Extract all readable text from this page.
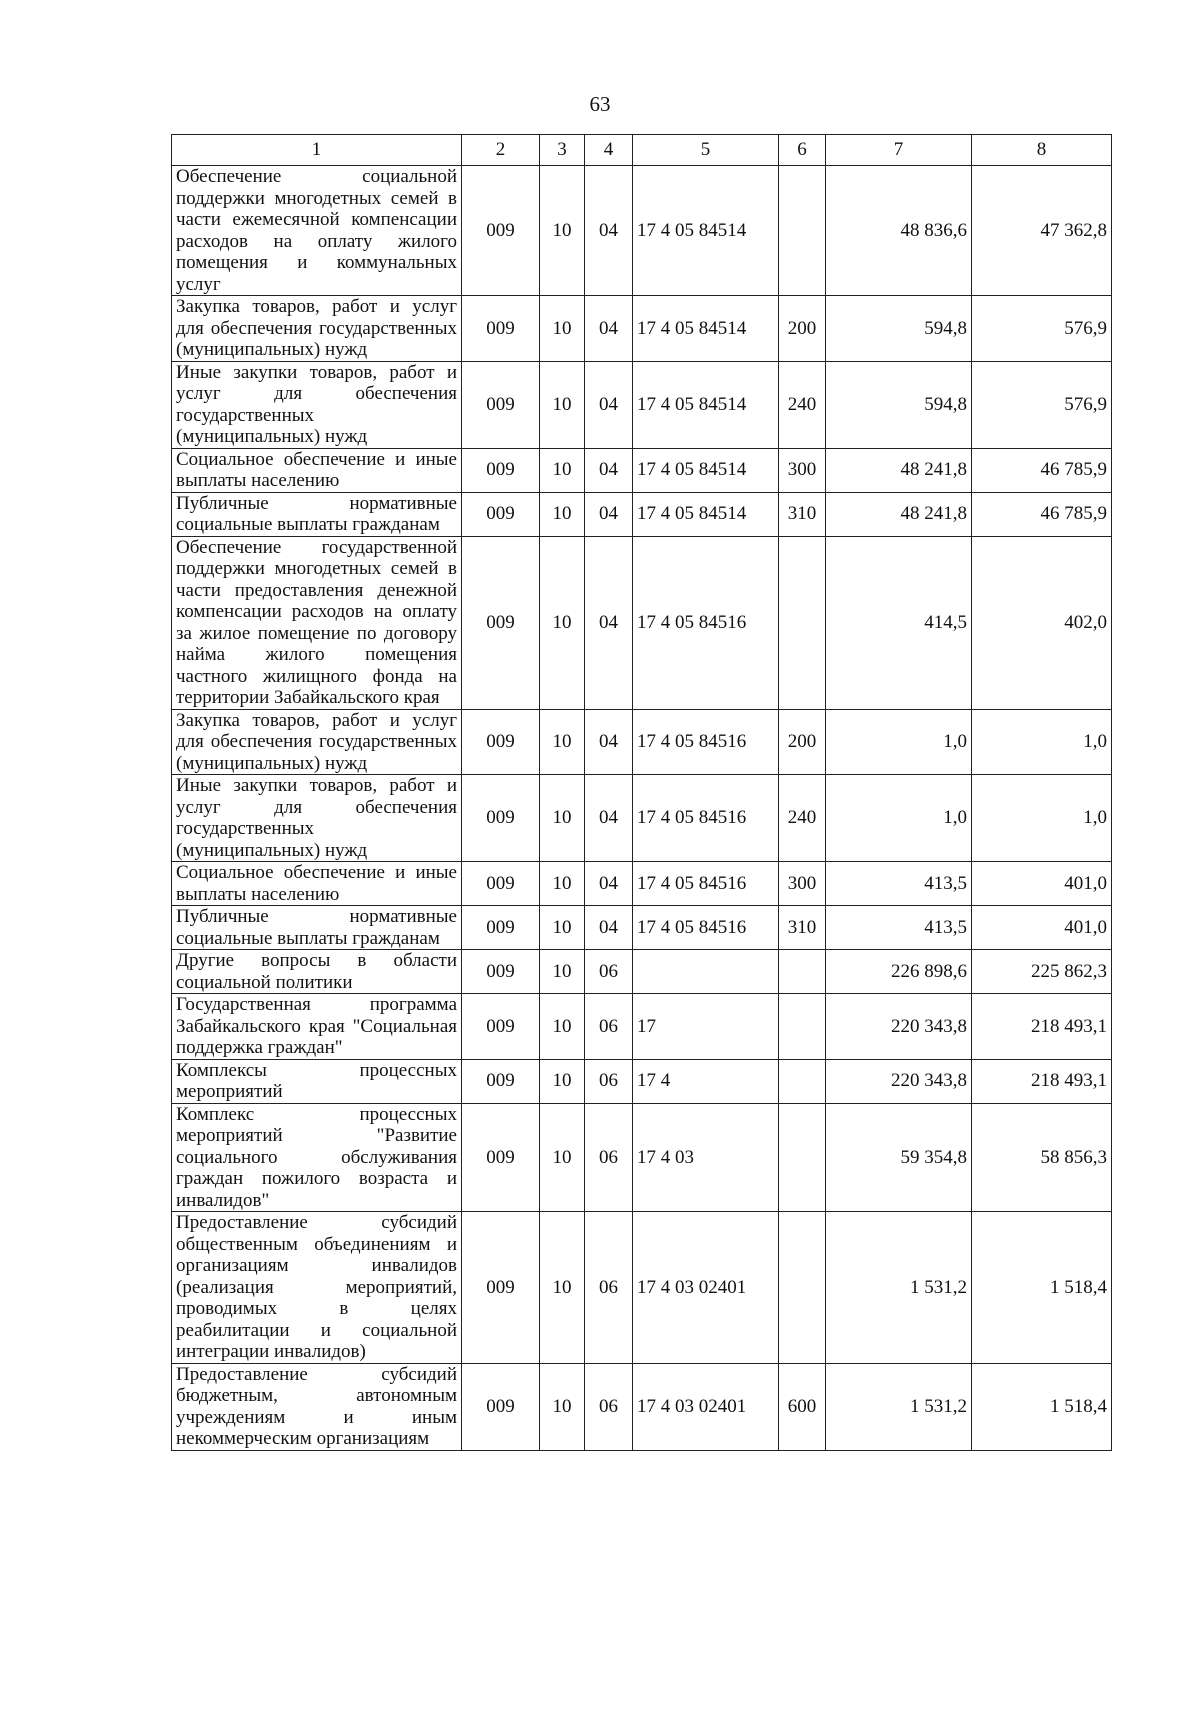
63
1	2	3	4	5	6	7	8
Обеспечение социальной поддержки многодетных семей в части ежемесячной компенсации расходов на оплату жилого помещения и коммунальных услуг	009	10	04	17 4 05 84514		48 836,6	47 362,8
Закупка товаров, работ и услуг для обеспечения государственных (муниципальных) нужд	009	10	04	17 4 05 84514	200	594,8	576,9
Иные закупки товаров, работ и услуг для обеспечения государственных (муниципальных) нужд	009	10	04	17 4 05 84514	240	594,8	576,9
Социальное обеспечение и иные выплаты населению	009	10	04	17 4 05 84514	300	48 241,8	46 785,9
Публичные нормативные социальные выплаты гражданам	009	10	04	17 4 05 84514	310	48 241,8	46 785,9
Обеспечение государственной поддержки многодетных семей в части предоставления денежной компенсации расходов на оплату за жилое помещение по договору найма жилого помещения частного жилищного фонда на территории Забайкальского края	009	10	04	17 4 05 84516		414,5	402,0
Закупка товаров, работ и услуг для обеспечения государственных (муниципальных) нужд	009	10	04	17 4 05 84516	200	1,0	1,0
Иные закупки товаров, работ и услуг для обеспечения государственных (муниципальных) нужд	009	10	04	17 4 05 84516	240	1,0	1,0
Социальное обеспечение и иные выплаты населению	009	10	04	17 4 05 84516	300	413,5	401,0
Публичные нормативные социальные выплаты гражданам	009	10	04	17 4 05 84516	310	413,5	401,0
Другие вопросы в области социальной политики	009	10	06			226 898,6	225 862,3
Государственная программа Забайкальского края "Социальная поддержка граждан"	009	10	06	17		220 343,8	218 493,1
Комплексы процессных мероприятий	009	10	06	17 4		220 343,8	218 493,1
Комплекс процессных мероприятий "Развитие социального обслуживания граждан пожилого возраста и инвалидов"	009	10	06	17 4 03		59 354,8	58 856,3
Предоставление субсидий общественным объединениям и организациям инвалидов (реализация мероприятий, проводимых в целях реабилитации и социальной интеграции инвалидов)	009	10	06	17 4 03 02401		1 531,2	1 518,4
Предоставление субсидий бюджетным, автономным учреждениям и иным некоммерческим организациям	009	10	06	17 4 03 02401	600	1 531,2	1 518,4
